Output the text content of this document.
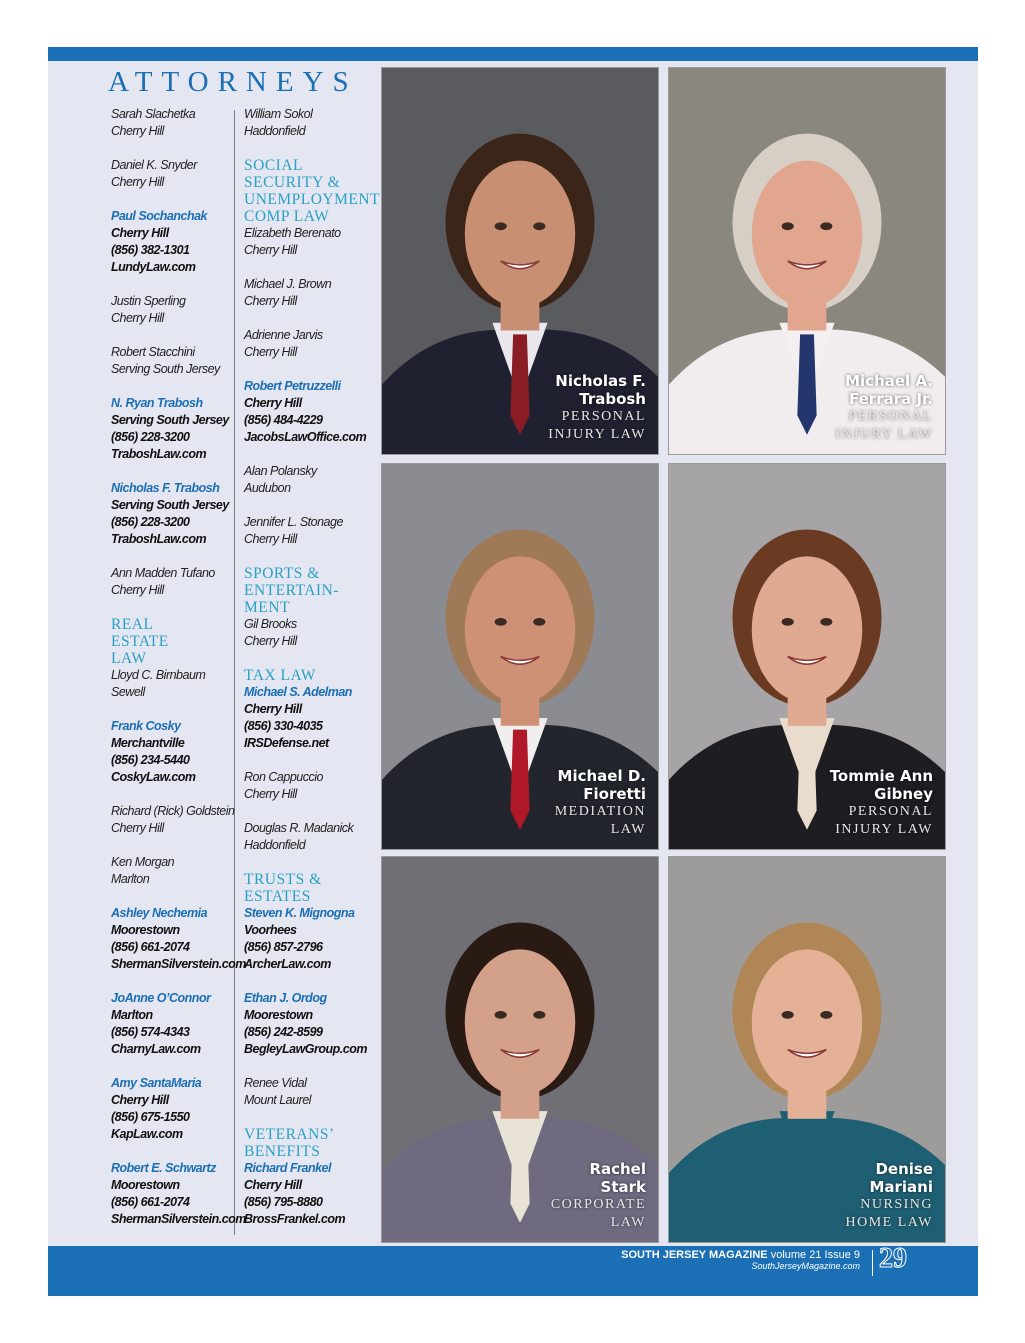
ATTORNEYS
Sarah Slachetka
Cherry Hill
Daniel K. Snyder
Cherry Hill
Paul Sochanchak
Cherry Hill
(856) 382-1301
LundyLaw.com
Justin Sperling
Cherry Hill
Robert Stacchini
Serving South Jersey
N. Ryan Trabosh
Serving South Jersey
(856) 228-3200
TraboshLaw.com
Nicholas F. Trabosh
Serving South Jersey
(856) 228-3200
TraboshLaw.com
Ann Madden Tufano
Cherry Hill
REAL
ESTATE
LAW
Lloyd C. Birnbaum
Sewell
Frank Cosky
Merchantville
(856) 234-5440
CoskyLaw.com
Richard (Rick) Goldstein
Cherry Hill
Ken Morgan
Marlton
Ashley Nechemia
Moorestown
(856) 661-2074
ShermanSilverstein.com
JoAnne O’Connor
Marlton
(856) 574-4343
CharnyLaw.com
Amy SantaMaria
Cherry Hill
(856) 675-1550
KapLaw.com
Robert E. Schwartz
Moorestown
(856) 661-2074
ShermanSilverstein.com
William Sokol
Haddonfield
SOCIAL
SECURITY &
UNEMPLOYMENT
COMP LAW
Elizabeth Berenato
Cherry Hill
Michael J. Brown
Cherry Hill
Adrienne Jarvis
Cherry Hill
Robert Petruzzelli
Cherry Hill
(856) 484-4229
JacobsLawOffice.com
Alan Polansky
Audubon
Jennifer L. Stonage
Cherry Hill
SPORTS &
ENTERTAIN-
MENT
Gil Brooks
Cherry Hill
TAX LAW
Michael S. Adelman
Cherry Hill
(856) 330-4035
IRSDefense.net
Ron Cappuccio
Cherry Hill
Douglas R. Madanick
Haddonfield
TRUSTS &
ESTATES
Steven K. Mignogna
Voorhees
(856) 857-2796
ArcherLaw.com
Ethan J. Ordog
Moorestown
(856) 242-8599
BegleyLawGroup.com
Renee Vidal
Mount Laurel
VETERANS’
BENEFITS
Richard Frankel
Cherry Hill
(856) 795-8880
BrossFrankel.com
Nicholas F.
Trabosh
PERSONAL
INJURY LAW
Michael A.
Ferrara Jr.
PERSONAL
INJURY LAW
Michael D.
Fioretti
MEDIATION
LAW
Tommie Ann
Gibney
PERSONAL
INJURY LAW
Rachel
Stark
CORPORATE
LAW
Denise
Mariani
NURSING
HOME LAW
SOUTH JERSEY MAGAZINE volume 21 Issue 9
SouthJerseyMagazine.com 29
